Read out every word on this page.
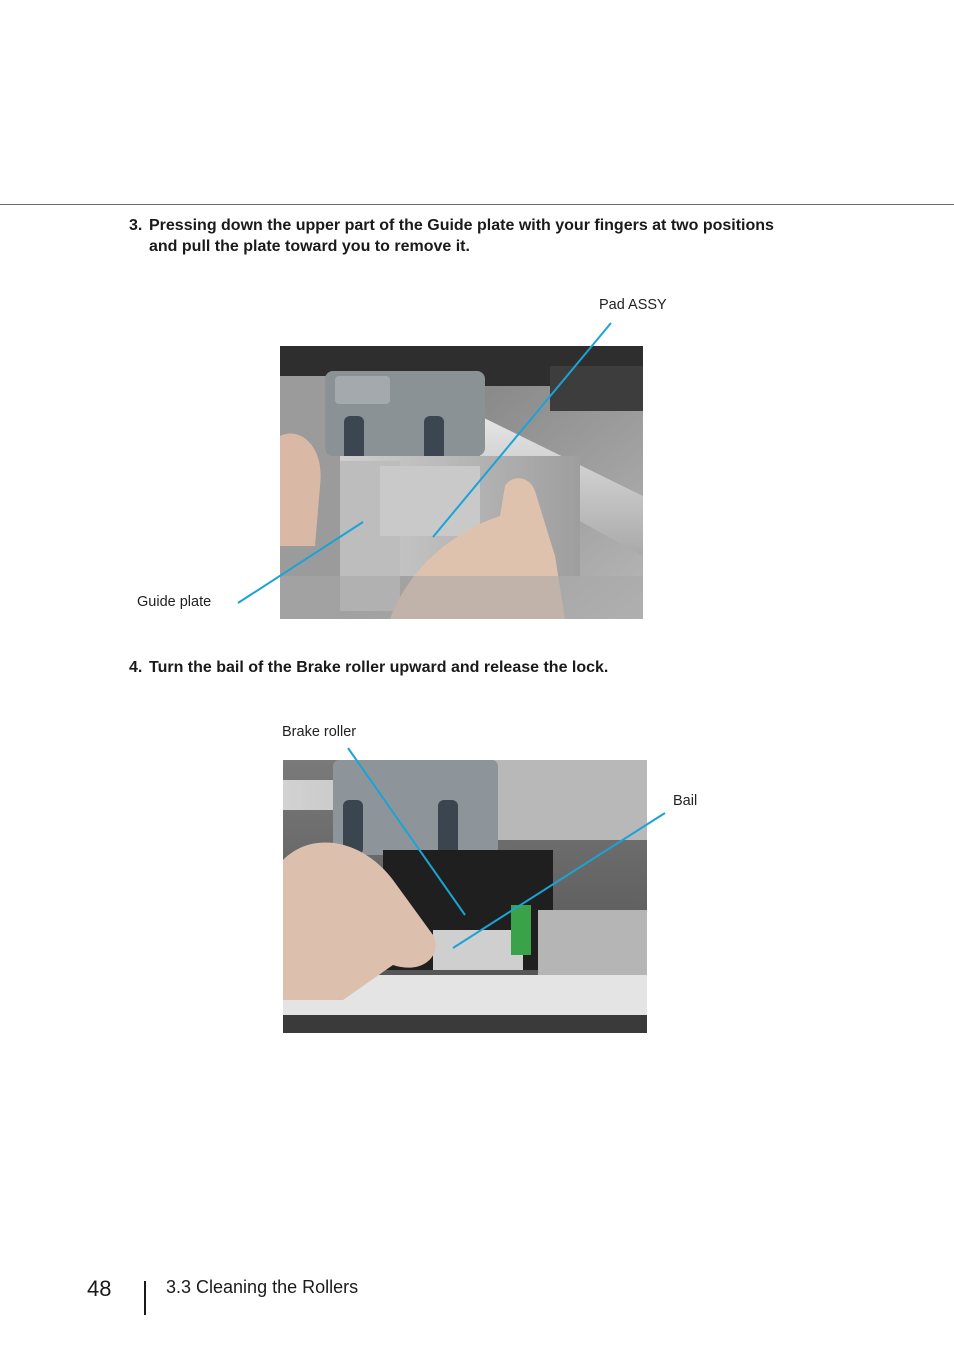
3. Pressing down the upper part of the Guide plate with your fingers at two positions
and pull the plate toward you to remove it.
Pad ASSY
Guide plate
4. Turn the bail of the Brake roller upward and release the lock.
Brake roller
Bail
48	3.3 Cleaning the Rollers
